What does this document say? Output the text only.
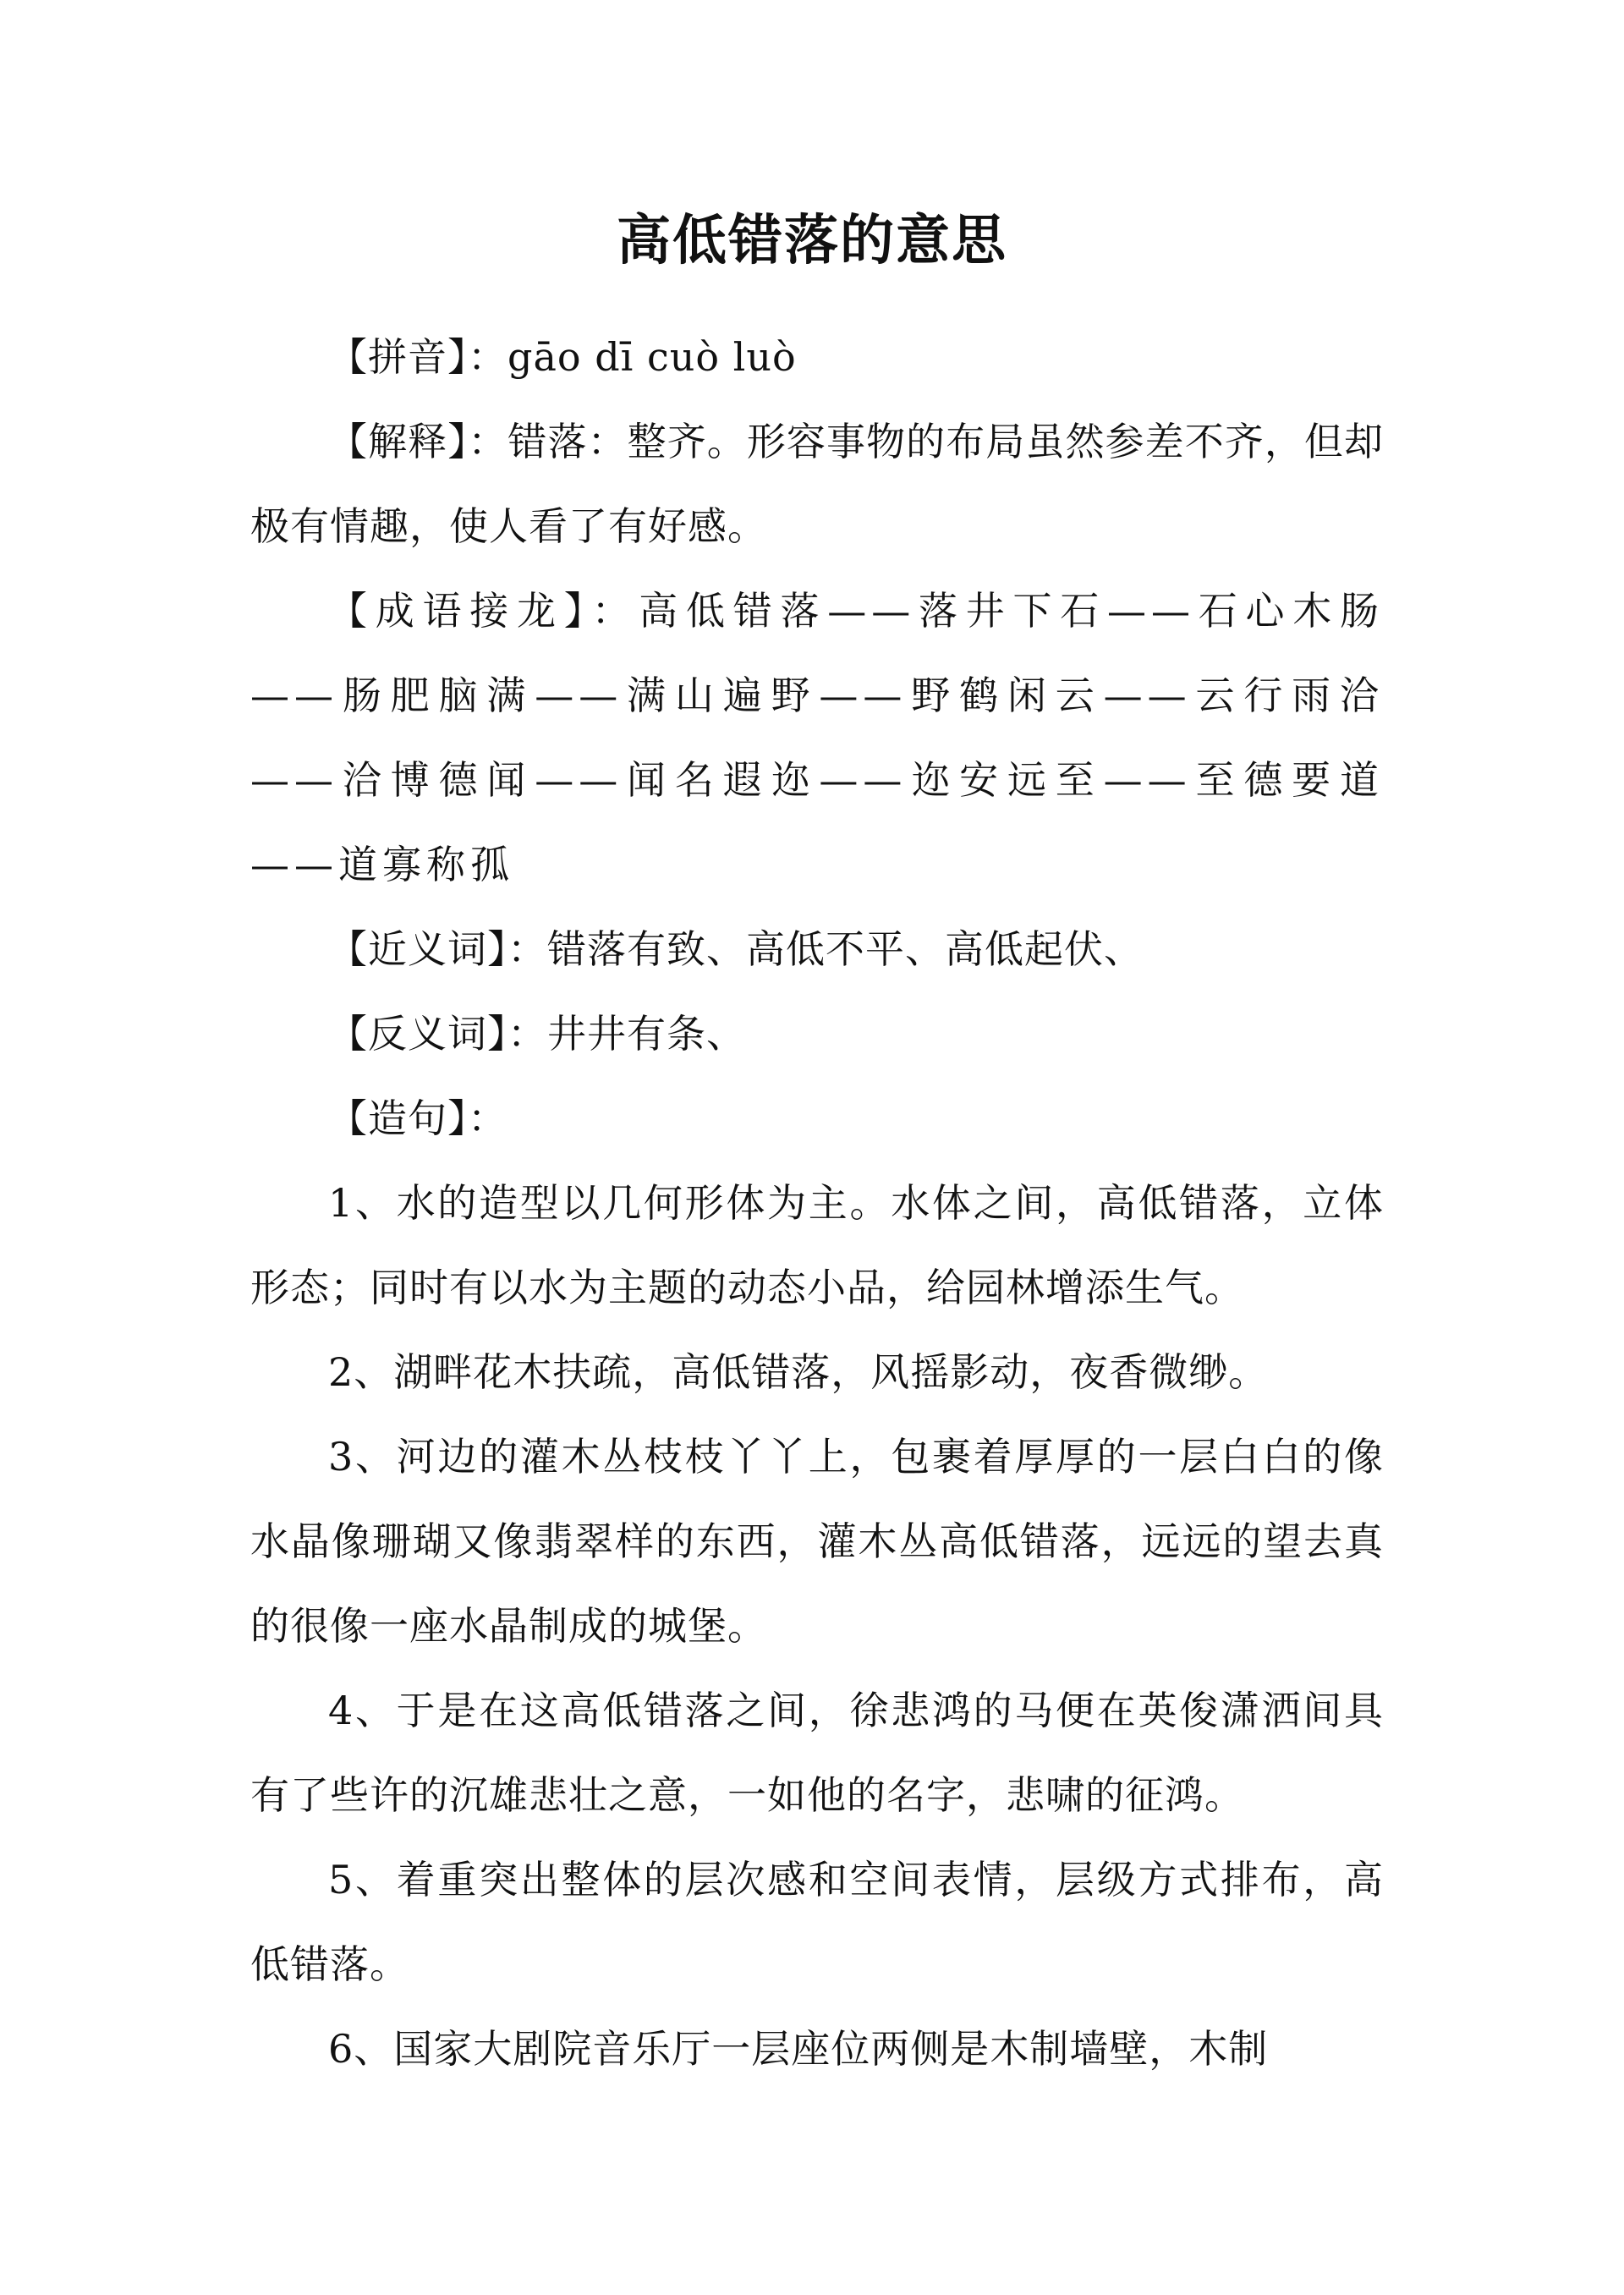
高低错落的意思

【拼音】：gāo dī cuò luò

【解释】：错落：整齐。形容事物的布局虽然参差不齐，但却极有情趣，使人看了有好感。

【成语接龙】：高低错落——落井下石——石心木肠——肠肥脑满——满山遍野——野鹤闲云——云行雨洽——洽博德闻——闻名遐迩——迩安远至——至德要道——道寡称孤

【近义词】：错落有致、高低不平、高低起伏、

【反义词】：井井有条、

【造句】：

1、水的造型以几何形体为主。水体之间，高低错落，立体形态；同时有以水为主题的动态小品，给园林增添生气。

2、湖畔花木扶疏，高低错落，风摇影动，夜香微缈。

3、河边的灌木丛枝枝丫丫上，包裹着厚厚的一层白白的像水晶像珊瑚又像翡翠样的东西，灌木丛高低错落，远远的望去真的很像一座水晶制成的城堡。

4、于是在这高低错落之间，徐悲鸿的马便在英俊潇洒间具有了些许的沉雄悲壮之意，一如他的名字，悲啸的征鸿。

5、着重突出整体的层次感和空间表情，层级方式排布，高低错落。

6、国家大剧院音乐厅一层座位两侧是木制墙壁，木制
